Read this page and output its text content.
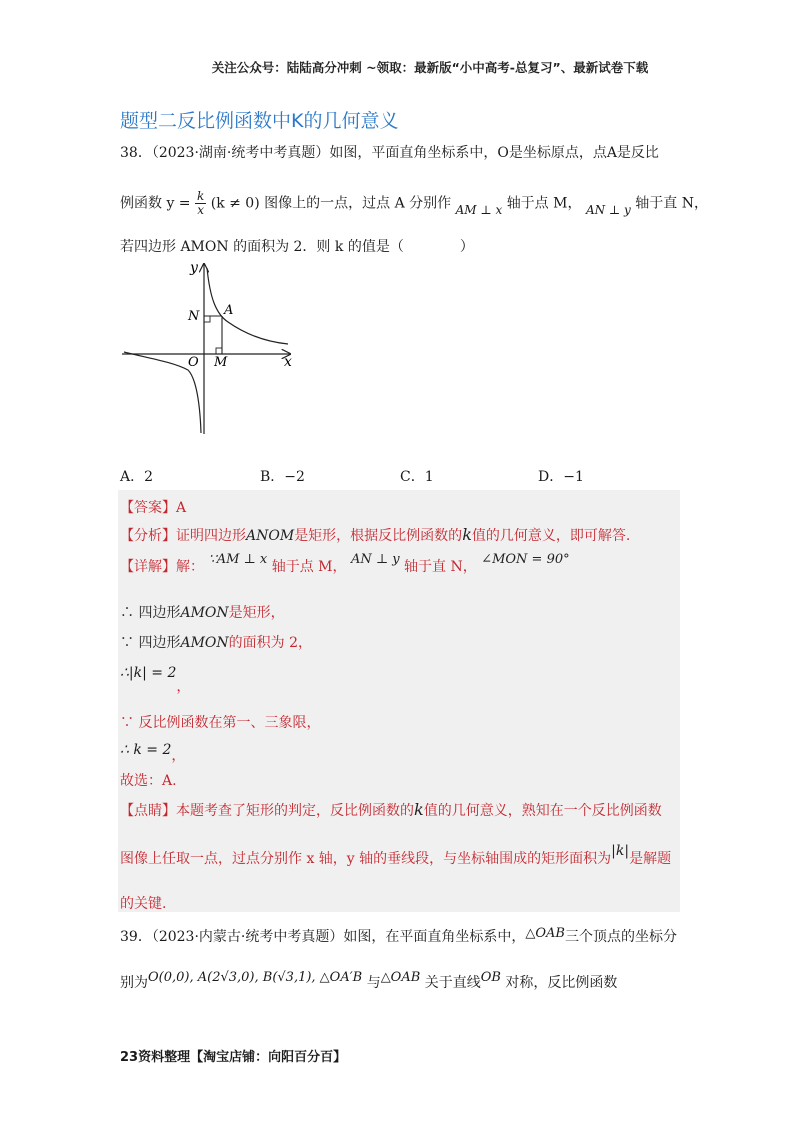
关注公众号：陆陆高分冲刺 ~领取：最新版“小中高考-总复习”、最新试卷下载
题型二反比例函数中K的几何意义
38．（2023·湖南·统考中考真题）如图，平面直角坐标系中，O是坐标原点，点A是反比
例函数 $y = \frac{k}{x} (k \ne 0)$ 图像上的一点，过点 A 分别作 AM ⊥ x 轴于点 M， AN ⊥ y 轴于直 N，
若四边形 AMON 的面积为 2．则 k 的值是（　　　　）
y
x
N A
O M
A．2	B．−2	C．1	D．−1
【答案】A
【分析】证明四边形ANOM是矩形，根据反比例函数的k值的几何意义，即可解答.
【详解】解： ∵AM ⊥ x 轴于点 M， AN ⊥ y 轴于直 N， ∠MON = 90°
∴ 四边形AMON是矩形，
∵ 四边形AMON的面积为 2，
∴|k| = 2，
∵ 反比例函数在第一、三象限，
∴ k = 2，
故选：A.
【点睛】本题考查了矩形的判定，反比例函数的k值的几何意义，熟知在一个反比例函数
图像上任取一点，过点分别作 x 轴，y 轴的垂线段，与坐标轴围成的矩形面积为|k|是解题
的关键.
39．（2023·内蒙古·统考中考真题）如图，在平面直角坐标系中，△OAB三个顶点的坐标分
别为O(0,0), A(2√3,0), B(√3,1), △OA′B 与△OAB 关于直线OB 对称，反比例函数
23资料整理【淘宝店铺：向阳百分百】
